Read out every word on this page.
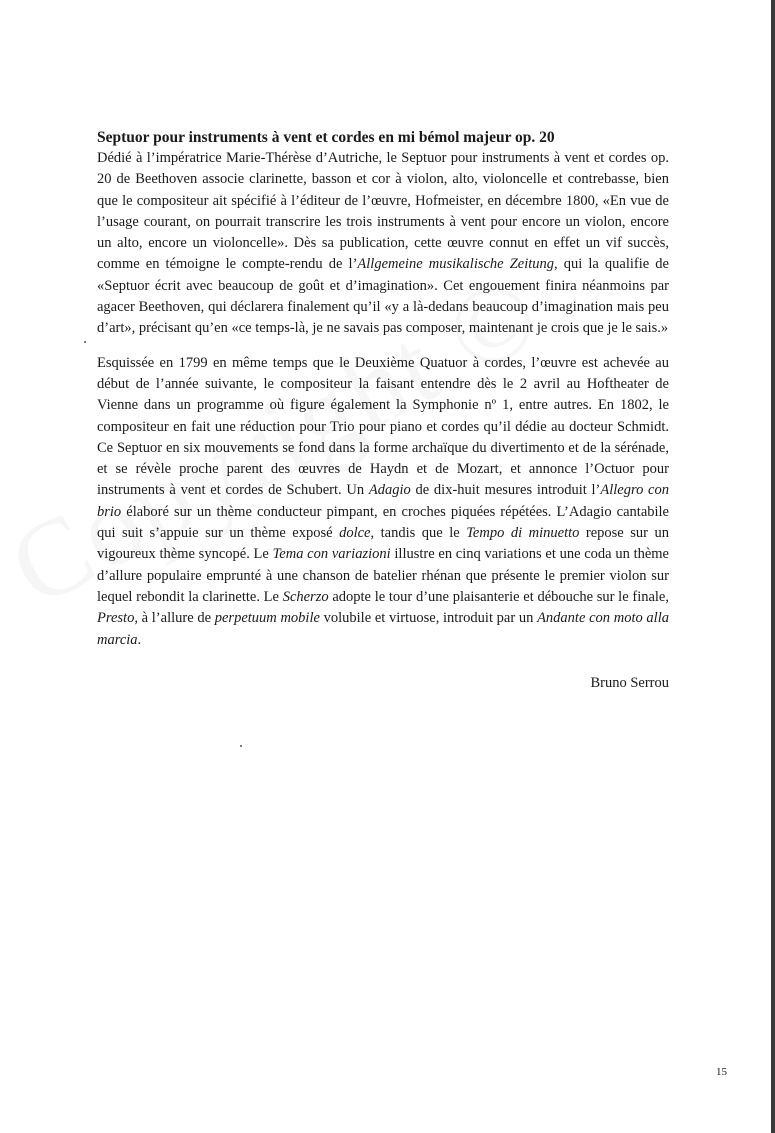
Septuor pour instruments à vent et cordes en mi bémol majeur op. 20

Dédié à l’impératrice Marie-Thérèse d’Autriche, le Septuor pour instruments à vent et cordes op. 20 de Beethoven associe clarinette, basson et cor à violon, alto, violoncelle et contrebasse, bien que le compositeur ait spécifié à l’éditeur de l’œuvre, Hofmeister, en décembre 1800, «En vue de l’usage courant, on pourrait transcrire les trois instruments à vent pour encore un violon, encore un alto, encore un violoncelle». Dès sa publication, cette œuvre connut en effet un vif succès, comme en témoigne le compte-rendu de l’Allgemeine musikalische Zeitung, qui la qualifie de «Septuor écrit avec beaucoup de goût et d’imagination». Cet engouement finira néanmoins par agacer Beethoven, qui déclarera finalement qu’il «y a là-dedans beaucoup d’imagination mais peu d’art», précisant qu’en «ce temps-là, je ne savais pas composer, maintenant je crois que je le sais.»

Esquissée en 1799 en même temps que le Deuxième Quatuor à cordes, l’œuvre est achevée au début de l’année suivante, le compositeur la faisant entendre dès le 2 avril au Hoftheater de Vienne dans un programme où figure également la Symphonie nº 1, entre autres. En 1802, le compositeur en fait une réduction pour Trio pour piano et cordes qu’il dédie au docteur Schmidt. Ce Septuor en six mouvements se fond dans la forme archaïque du divertimento et de la sérénade, et se révèle proche parent des œuvres de Haydn et de Mozart, et annonce l’Octuor pour instruments à vent et cordes de Schubert. Un Adagio de dix-huit mesures introduit l’Allegro con brio élaboré sur un thème conducteur pimpant, en croches piquées répétées. L’Adagio cantabile qui suit s’appuie sur un thème exposé dolce, tandis que le Tempo di minuetto repose sur un vigoureux thème syncopé. Le Tema con variazioni illustre en cinq variations et une coda un thème d’allure populaire emprunté à une chanson de batelier rhénan que présente le premier violon sur lequel rebondit la clarinette. Le Scherzo adopte le tour d’une plaisanterie et débouche sur le finale, Presto, à l’allure de perpetuum mobile volubile et virtuose, introduit par un Andante con moto alla marcia.

Bruno Serrou
15
